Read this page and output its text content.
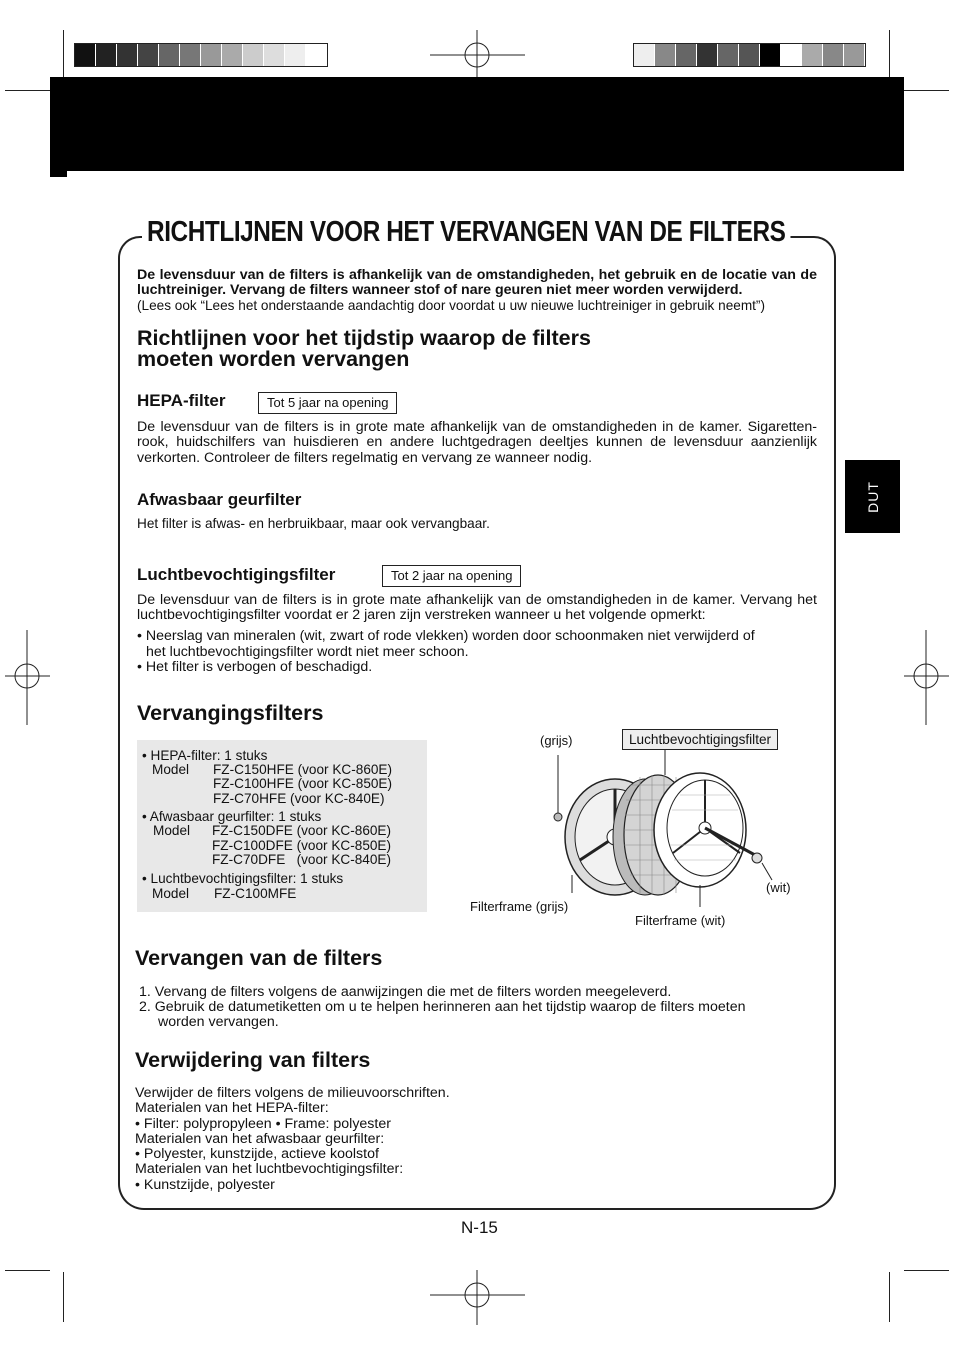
DUT
RICHTLIJNEN VOOR HET VERVANGEN VAN DE FILTERS
De levensduur van de filters is afhankelijk van de omstandigheden, het gebruik en de locatie van de luchtreiniger. Vervang de filters wanneer stof of nare geuren niet meer worden verwijderd.
(Lees ook “Lees het onderstaande aandachtig door voordat u uw nieuwe luchtreiniger in gebruik neemt”)
Richtlijnen voor het tijdstip waarop de filters
moeten worden vervangen
HEPA-filter	Tot 5 jaar na opening
De levensduur van de filters is in grote mate afhankelijk van de omstandigheden in de kamer. Sigarettenrook, huidschilfers van huisdieren en andere luchtgedragen deeltjes kunnen de levensduur aanzienlijk verkorten. Controleer de filters regelmatig en vervang ze wanneer nodig.
Afwasbaar geurfilter
Het filter is afwas- en herbruikbaar, maar ook vervangbaar.
Luchtbevochtigingsfilter	Tot 2 jaar na opening
De levensduur van de filters is in grote mate afhankelijk van de omstandigheden in de kamer. Vervang het luchtbevochtigingsfilter voordat er 2 jaren zijn verstreken wanneer u het volgende opmerkt:
• Neerslag van mineralen (wit, zwart of rode vlekken) worden door schoonmaken niet verwijderd of
het luchtbevochtigingsfilter wordt niet meer schoon.
• Het filter is verbogen of beschadigd.
Vervangingsfilters
• HEPA-filter: 1 stuks
Model FZ-C150HFE (voor KC-860E)
FZ-C100HFE (voor KC-850E)
FZ-C70HFE (voor KC-840E)
• Afwasbaar geurfilter: 1 stuks
Model FZ-C150DFE (voor KC-860E)
FZ-C100DFE (voor KC-850E)
FZ-C70DFE   (voor KC-840E)
• Luchtbevochtigingsfilter: 1 stuks
Model FZ-C100MFE
(grijs)	Luchtbevochtigingsfilter
(wit)
Filterframe (grijs)
Filterframe (wit)
Vervangen van de filters
1. Vervang de filters volgens de aanwijzingen die met de filters worden meegeleverd.
2. Gebruik de datumetiketten om u te helpen herinneren aan het tijdstip waarop de filters moeten
worden vervangen.
Verwijdering van filters
Verwijder de filters volgens de milieuvoorschriften.
Materialen van het HEPA-filter:
• Filter: polypropyleen • Frame: polyester
Materialen van het afwasbaar geurfilter:
• Polyester, kunstzijde, actieve koolstof
Materialen van het luchtbevochtigingsfilter:
• Kunstzijde, polyester
N-15
